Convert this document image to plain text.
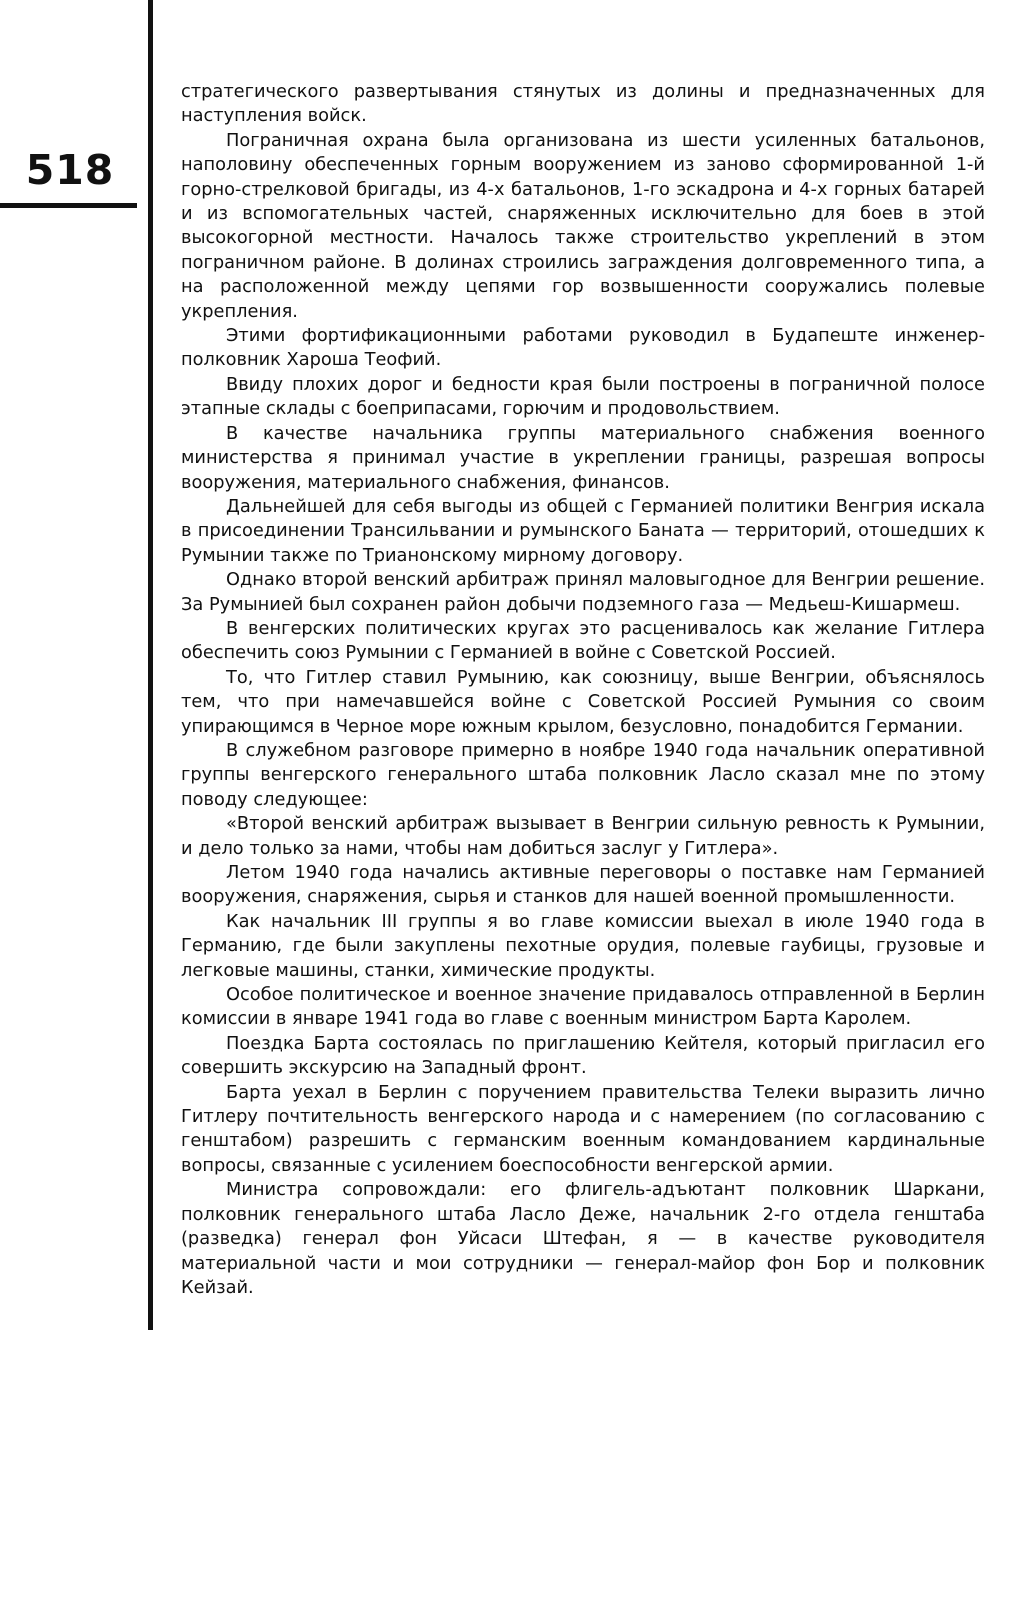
518

стратегического развертывания стянутых из долины и предназначенных для наступления войск.

Пограничная охрана была организована из шести усиленных батальонов, наполовину обеспеченных горным вооружением из заново сформированной 1-й горно-стрелковой бригады, из 4-х батальонов, 1-го эскадрона и 4-х горных батарей и из вспомогательных частей, снаряженных исключительно для боев в этой высокогорной местности. Началось также строительство укреплений в этом пограничном районе. В долинах строились заграждения долговременного типа, а на расположенной между цепями гор возвышенности сооружались полевые укрепления.

Этими фортификационными работами руководил в Будапеште инженер-полковник Хароша Теофий.

Ввиду плохих дорог и бедности края были построены в пограничной полосе этапные склады с боеприпасами, горючим и продовольствием.

В качестве начальника группы материального снабжения военного министерства я принимал участие в укреплении границы, разрешая вопросы вооружения, материального снабжения, финансов.

Дальнейшей для себя выгоды из общей с Германией политики Венгрия искала в присоединении Трансильвании и румынского Баната — территорий, отошедших к Румынии также по Трианонскому мирному договору.

Однако второй венский арбитраж принял маловыгодное для Венгрии решение. За Румынией был сохранен район добычи подземного газа — Медьеш-Кишармеш.

В венгерских политических кругах это расценивалось как желание Гитлера обеспечить союз Румынии с Германией в войне с Советской Россией.

То, что Гитлер ставил Румынию, как союзницу, выше Венгрии, объяснялось тем, что при намечавшейся войне с Советской Россией Румыния со своим упирающимся в Черное море южным крылом, безусловно, понадобится Германии.

В служебном разговоре примерно в ноябре 1940 года начальник оперативной группы венгерского генерального штаба полковник Ласло сказал мне по этому поводу следующее:

«Второй венский арбитраж вызывает в Венгрии сильную ревность к Румынии, и дело только за нами, чтобы нам добиться заслуг у Гитлера».

Летом 1940 года начались активные переговоры о поставке нам Германией вооружения, снаряжения, сырья и станков для нашей военной промышленности.

Как начальник III группы я во главе комиссии выехал в июле 1940 года в Германию, где были закуплены пехотные орудия, полевые гаубицы, грузовые и легковые машины, станки, химические продукты.

Особое политическое и военное значение придавалось отправленной в Берлин комиссии в январе 1941 года во главе с военным министром Барта Каролем.

Поездка Барта состоялась по приглашению Кейтеля, который пригласил его совершить экскурсию на Западный фронт.

Барта уехал в Берлин с поручением правительства Телеки выразить лично Гитлеру почтительность венгерского народа и с намерением (по согласованию с генштабом) разрешить с германским военным командованием кардинальные вопросы, связанные с усилением боеспособности венгерской армии.

Министра сопровождали: его флигель-адъютант полковник Шаркани, полковник генерального штаба Ласло Деже, начальник 2-го отдела генштаба (разведка) генерал фон Уйсаси Штефан, я — в качестве руководителя материальной части и мои сотрудники — генерал-майор фон Бор и полковник Кейзай.
